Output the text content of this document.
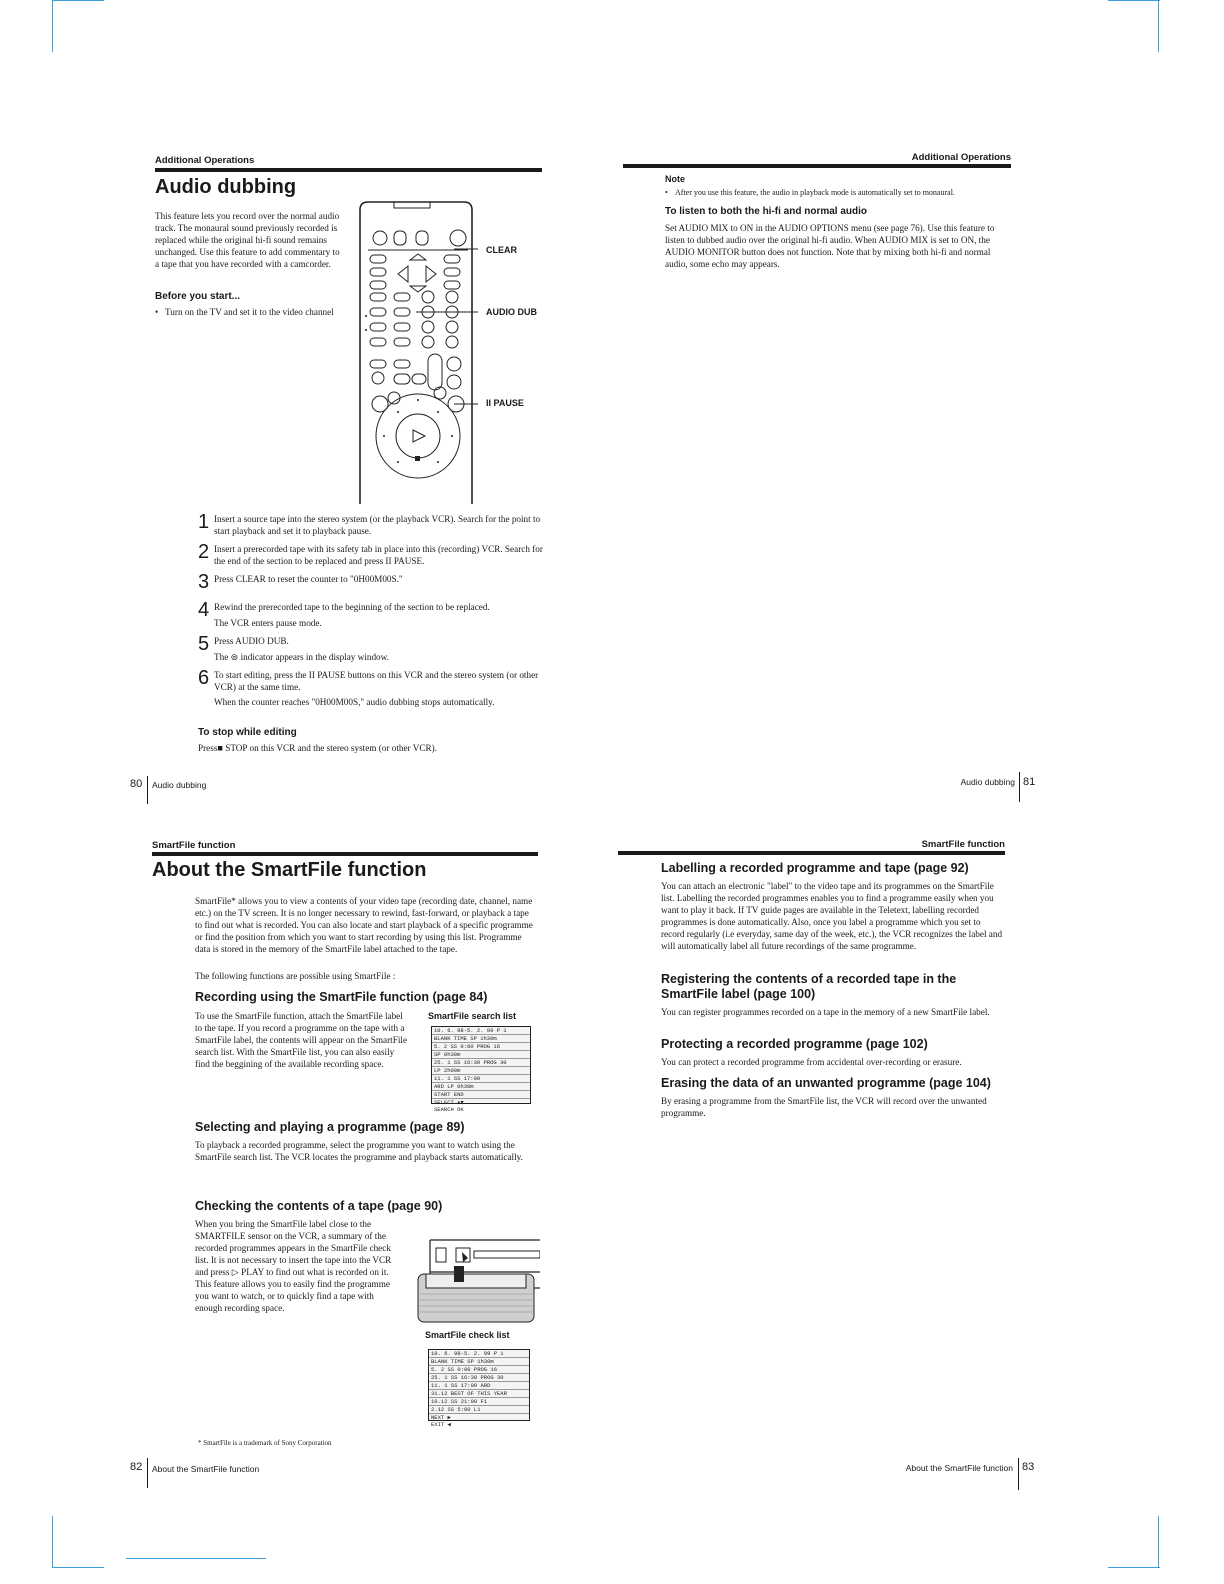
Additional Operations
Audio dubbing
This feature lets you record over the normal audio track. The monaural sound previously recorded is replaced while the original hi-fi sound remains unchanged. Use this feature to add commentary to a tape that you have recorded with a camcorder.
Before you start...
• Turn on the TV and set it to the video channel
CLEAR
AUDIO DUB
II PAUSE
1 Insert a source tape into the stereo system (or the playback VCR). Search for the point to start playback and set it to playback pause.
2 Insert a prerecorded tape with its safety tab in place into this (recording) VCR. Search for the end of the section to be replaced and press II PAUSE.
3 Press CLEAR to reset the counter to "0H00M00S."
4 Rewind the prerecorded tape to the beginning of the section to be replaced.
The VCR enters pause mode.
5 Press AUDIO DUB.
The ⊜ indicator appears in the display window.
6 To start editing, press the II PAUSE buttons on this VCR and the stereo system (or other VCR) at the same time.
When the counter reaches "0H00M00S," audio dubbing stops automatically.
To stop while editing
Press■ STOP on this VCR and the stereo system (or other VCR).
80 Audio dubbing
Additional Operations
Note
• After you use this feature, the audio in playback mode is automatically set to monaural.
To listen to both the hi-fi and normal audio
Set AUDIO MIX to ON in the AUDIO OPTIONS menu (see page 76). Use this feature to listen to dubbed audio over the original hi-fi audio. When AUDIO MIX is set to ON, the AUDIO MONITOR button does not function. Note that by mixing both hi-fi and normal audio, some echo may appears.
Audio dubbing 81
SmartFile function
About the SmartFile function
SmartFile* allows you to view a contents of your video tape (recording date, channel, name etc.) on the TV screen. It is no longer necessary to rewind, fast-forward, or playback a tape to find out what is recorded. You can also locate and start playback of a specific programme or find the position from which you want to start recording by using this list. Programme data is stored in the memory of the SmartFile label attached to the tape.
The following functions are possible using SmartFile :
Recording using the SmartFile function (page 84)
To use the SmartFile function, attach the SmartFile label to the tape. If you record a programme on the tape with a SmartFile label, the contents will appear on the SmartFile search list. With the SmartFile list, you can also easily find the beggining of the available recording space.
SmartFile search list
10. 6. 98-5. 2. 99 P 1
BLANK TIME SP 1h30m
5. 2 SS 0:00 PROG 16
SP 0h30m
25. 1 SS 16:30 PROG 30
LP 2h00m
11. 1 SS 17:00
ARD LP 0h30m
START END
SELECT ▲▼
SEARCH OK
Selecting and playing a programme (page 89)
To playback a recorded programme, select the programme you want to watch using the SmartFile search list. The VCR locates the programme and playback starts automatically.
Checking the contents of a tape (page 90)
When you bring the SmartFile label close to the SMARTFILE sensor on the VCR, a summary of the recorded programmes appears in the SmartFile check list. It is not necessary to insert the tape into the VCR and press ▷ PLAY to find out what is recorded on it. This feature allows you to easily find the programme you want to watch, or to quickly find a tape with enough recording space.
SmartFile check list
10. 6. 98-5. 2. 99 P 1
BLANK TIME SP 1h30m
5. 2 SS 0:00 PROG 16
25. 1 SS 16:30 PROG 30
11. 1 SS 17:00 ARD
31.12 BEST OF THIS YEAR
10.12 SS 21:00 F1
2.12 SS 5:00 L1
NEXT ▶
EXIT ◀
* SmartFile is a trademark of Sony Corporation
82 About the SmartFile function
SmartFile function
Labelling a recorded programme and tape (page 92)
You can attach an electronic "label" to the video tape and its programmes on the SmartFile list. Labelling the recorded programmes enables you to find a programme easily when you want to play it back. If TV guide pages are available in the Teletext, labelling recorded programmes is done automatically. Also, once you label a programme which you set to record regularly (i.e everyday, same day of the week, etc.), the VCR recognizes the label and will automatically label all future recordings of the same programme.
Registering the contents of a recorded tape in the SmartFile label (page 100)
You can register programmes recorded on a tape in the memory of a new SmartFile label.
Protecting a recorded programme (page 102)
You can protect a recorded programme from accidental over-recording or erasure.
Erasing the data of an unwanted programme (page 104)
By erasing a programme from the SmartFile list, the VCR will record over the unwanted programme.
About the SmartFile function 83
